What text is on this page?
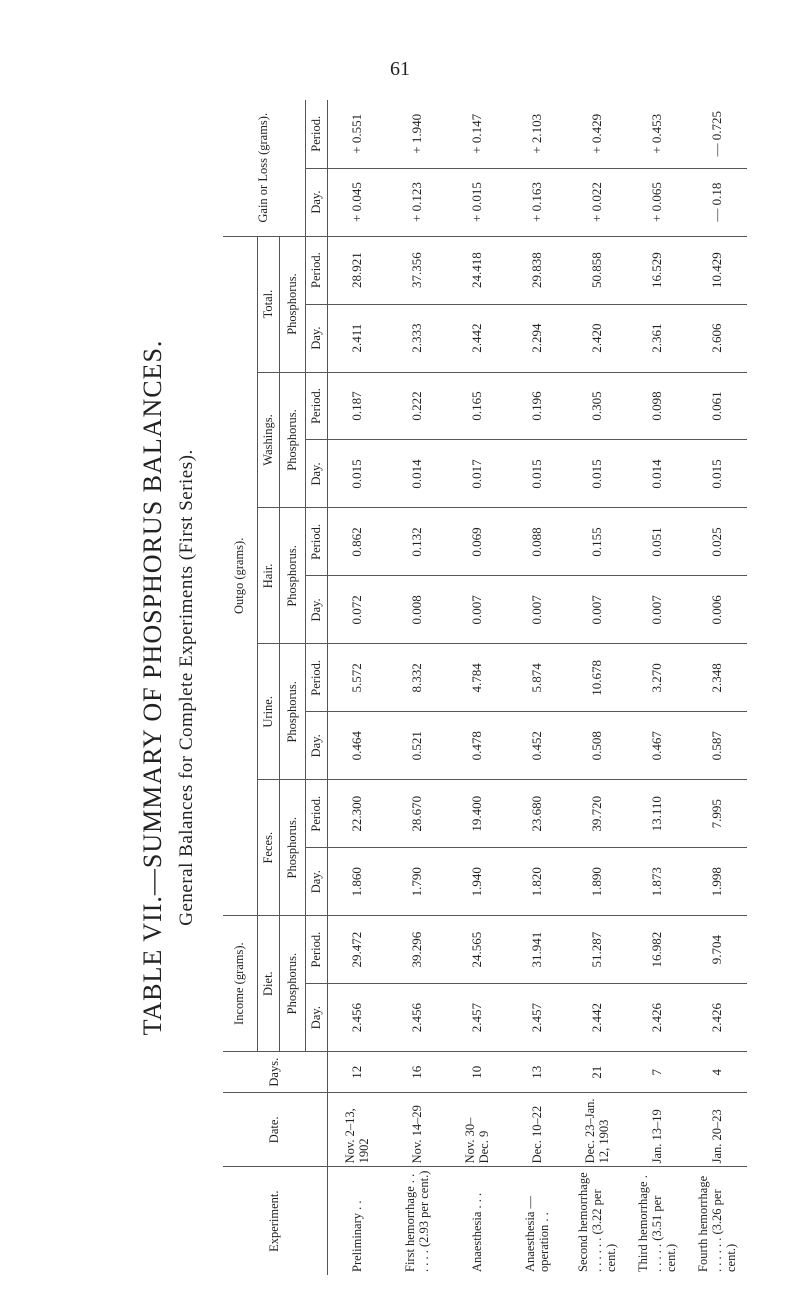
61
TABLE VII.—SUMMARY OF PHOSPHORUS BALANCES. General Balances for Complete Experiments (First Series).
Experiment.	Date.	Days.	Income (grams).		Outgo (grams).										Gain or Loss (grams).	
			Diet.		Feces.		Urine.		Hair.		Washings.		Total.			
			Phosphorus.		Phosphorus.		Phosphorus.		Phosphorus.		Phosphorus.		Phosphorus.			
			Day.	Period.	Day.	Period.	Day.	Period.	Day.	Period.	Day.	Period.	Day.	Period.	Day.	Period.
Preliminary . .	Nov. 2–13, 1902	12	2.456	29.472	1.860	22.300	0.464	5.572	0.072	0.862	0.015	0.187	2.411	28.921	+ 0.045	+ 0.551
First hemorrhage . . . . . . (2.93 per cent.)	Nov. 14–29	16	2.456	39.296	1.790	28.670	0.521	8.332	0.008	0.132	0.014	0.222	2.333	37.356	+ 0.123	+ 1.940
Anaesthesia . . .	Nov. 30–Dec. 9	10	2.457	24.565	1.940	19.400	0.478	4.784	0.007	0.069	0.017	0.165	2.442	24.418	+ 0.015	+ 0.147
Anaesthesia — operation . .	Dec. 10–22	13	2.457	31.941	1.820	23.680	0.452	5.874	0.007	0.088	0.015	0.196	2.294	29.838	+ 0.163	+ 2.103
Second hemorrhage . . . . . . (3.22 per cent.)	Dec. 23–Jan. 12, 1903	21	2.442	51.287	1.890	39.720	0.508	10.678	0.007	0.155	0.015	0.305	2.420	50.858	+ 0.022	+ 0.429
Third hemorrhage . . . . . . (3.51 per cent.)	Jan. 13–19	7	2.426	16.982	1.873	13.110	0.467	3.270	0.007	0.051	0.014	0.098	2.361	16.529	+ 0.065	+ 0.453
Fourth hemorrhage . . . . . . (3.26 per cent.)	Jan. 20–23	4	2.426	9.704	1.998	7.995	0.587	2.348	0.006	0.025	0.015	0.061	2.606	10.429	— 0.18	— 0.725
